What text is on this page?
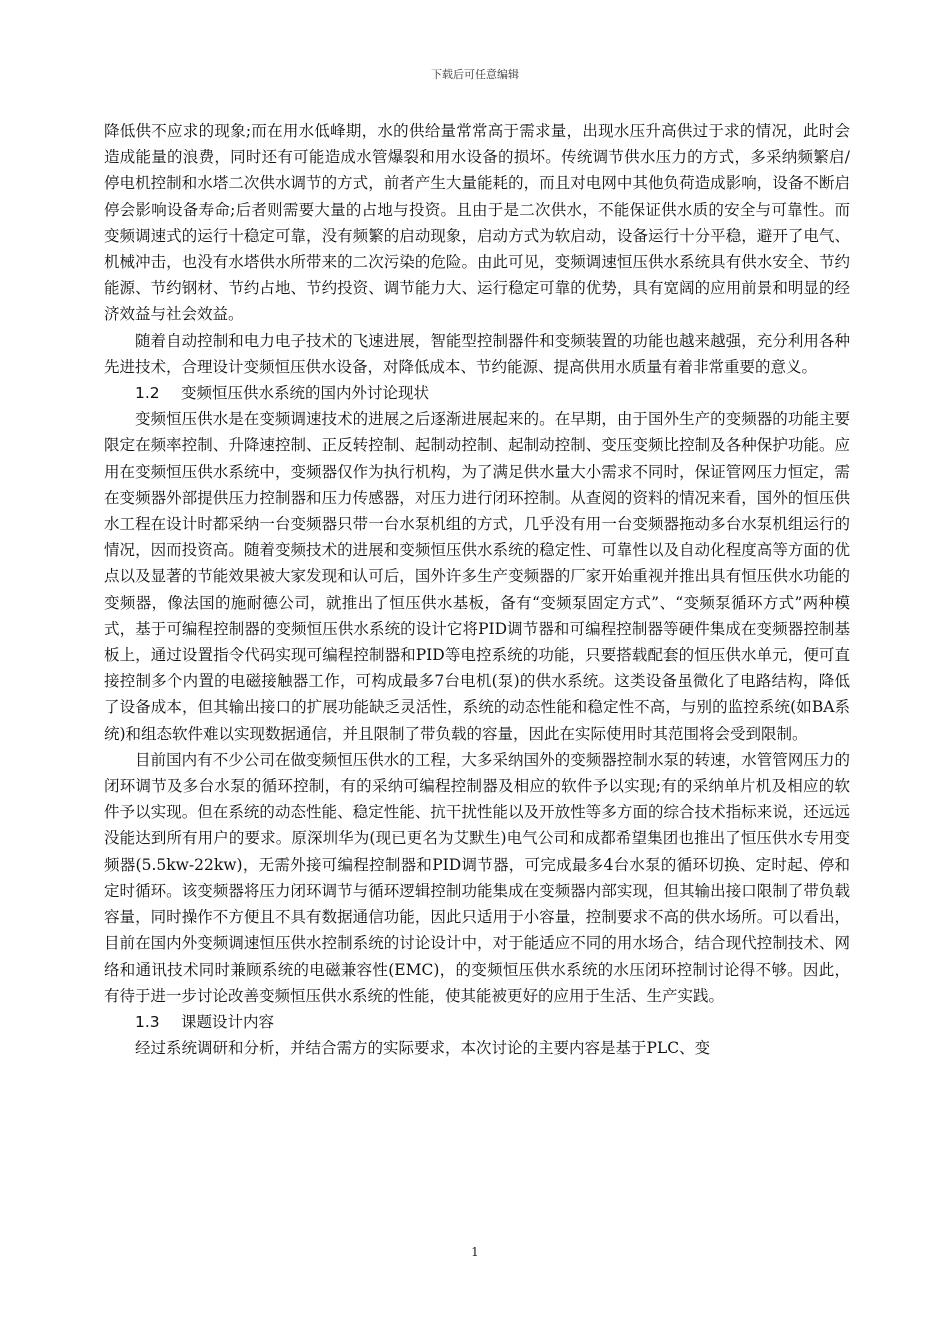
下载后可任意编辑

降低供不应求的现象;而在用水低峰期，水的供给量常常高于需求量，出现水压升高供过于求的情况，此时会造成能量的浪费，同时还有可能造成水管爆裂和用水设备的损坏。传统调节供水压力的方式，多采纳频繁启/停电机控制和水塔二次供水调节的方式，前者产生大量能耗的，而且对电网中其他负荷造成影响，设备不断启停会影响设备寿命;后者则需要大量的占地与投资。且由于是二次供水，不能保证供水质的安全与可靠性。而变频调速式的运行十稳定可靠，没有频繁的启动现象，启动方式为软启动，设备运行十分平稳，避开了电气、机械冲击，也没有水塔供水所带来的二次污染的危险。由此可见，变频调速恒压供水系统具有供水安全、节约能源、节约钢材、节约占地、节约投资、调节能力大、运行稳定可靠的优势，具有宽阔的应用前景和明显的经济效益与社会效益。

随着自动控制和电力电子技术的飞速进展，智能型控制器件和变频装置的功能也越来越强，充分利用各种先进技术，合理设计变频恒压供水设备，对降低成本、节约能源、提高供用水质量有着非常重要的意义。

1.2 变频恒压供水系统的国内外讨论现状

变频恒压供水是在变频调速技术的进展之后逐渐进展起来的。在早期，由于国外生产的变频器的功能主要限定在频率控制、升降速控制、正反转控制、起制动控制、起制动控制、变压变频比控制及各种保护功能。应用在变频恒压供水系统中，变频器仅作为执行机构，为了满足供水量大小需求不同时，保证管网压力恒定，需在变频器外部提供压力控制器和压力传感器，对压力进行闭环控制。从查阅的资料的情况来看，国外的恒压供水工程在设计时都采纳一台变频器只带一台水泵机组的方式，几乎没有用一台变频器拖动多台水泵机组运行的情况，因而投资高。随着变频技术的进展和变频恒压供水系统的稳定性、可靠性以及自动化程度高等方面的优点以及显著的节能效果被大家发现和认可后，国外许多生产变频器的厂家开始重视并推出具有恒压供水功能的变频器，像法国的施耐德公司，就推出了恒压供水基板，备有“变频泵固定方式”、“变频泵循环方式”两种模式，基于可编程控制器的变频恒压供水系统的设计它将PID调节器和可编程控制器等硬件集成在变频器控制基板上，通过设置指令代码实现可编程控制器和PID等电控系统的功能，只要搭载配套的恒压供水单元，便可直接控制多个内置的电磁接触器工作，可构成最多7台电机(泵)的供水系统。这类设备虽微化了电路结构，降低了设备成本，但其输出接口的扩展功能缺乏灵活性，系统的动态性能和稳定性不高，与别的监控系统(如BA系统)和组态软件难以实现数据通信，并且限制了带负载的容量，因此在实际使用时其范围将会受到限制。

目前国内有不少公司在做变频恒压供水的工程，大多采纳国外的变频器控制水泵的转速，水管管网压力的闭环调节及多台水泵的循环控制，有的采纳可编程控制器及相应的软件予以实现;有的采纳单片机及相应的软件予以实现。但在系统的动态性能、稳定性能、抗干扰性能以及开放性等多方面的综合技术指标来说，还远远没能达到所有用户的要求。原深圳华为(现已更名为艾默生)电气公司和成都希望集团也推出了恒压供水专用变频器(5.5kw-22kw)，无需外接可编程控制器和PID调节器，可完成最多4台水泵的循环切换、定时起、停和定时循环。该变频器将压力闭环调节与循环逻辑控制功能集成在变频器内部实现，但其输出接口限制了带负载容量，同时操作不方便且不具有数据通信功能，因此只适用于小容量，控制要求不高的供水场所。可以看出，目前在国内外变频调速恒压供水控制系统的讨论设计中，对于能适应不同的用水场合，结合现代控制技术、网络和通讯技术同时兼顾系统的电磁兼容性(EMC)，的变频恒压供水系统的水压闭环控制讨论得不够。因此，有待于进一步讨论改善变频恒压供水系统的性能，使其能被更好的应用于生活、生产实践。

1.3 课题设计内容

经过系统调研和分析，并结合需方的实际要求，本次讨论的主要内容是基于PLC、变

1
